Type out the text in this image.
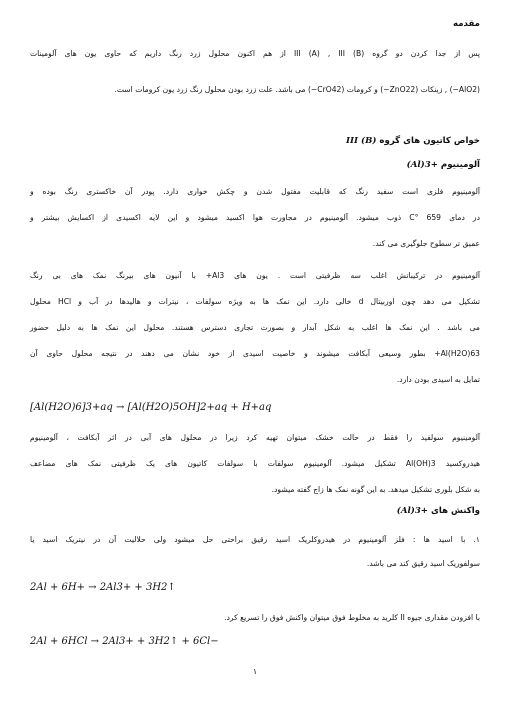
مقدمه
پس از جدا کردن دو گروه III (A) , III (B) از هم اکنون محلول زرد رنگ داریم که حاوی یون های آلومینات
(AlO2−) , زینکات (ZnO22−) و کرومات (CrO42−) می باشد. علت زرد بودن محلول رنگ زرد یون کرومات است.
خواص کاتیون های گروه III (B)
آلومینیوم (Al)3+
آلومینیوم فلزی است سفید رنگ که قابلیت مفتول شدن و چکش خواری دارد. پودر آن خاکستری رنگ بوده و
در دمای 659 °C ذوب میشود. آلومینیوم در مجاورت هوا اکسید میشود و این لایه اکسیدی از اکسایش بیشتر و
عمیق تر سطوح جلوگیری می کند.
آلومینیوم در ترکیباتش اغلب سه ظرفیتی است . یون های Al3+ با آنیون های بیرنگ نمک های بی رنگ
تشکیل می دهد چون اوربیتال d خالی دارد. این نمک ها به ویژه سولفات ، نیترات و هالیدها در آب و HCl محلول
می باشد . این نمک ها اغلب به شکل آبدار و بصورت تجاری دسترس هستند. محلول این نمک ها به دلیل حضور
Al(H2O)63+ بطور وسیعی آبکافت میشوند و خاصیت اسیدی از خود نشان می دهند در نتیجه محلول حاوی آن
تمایل به اسیدی بودن دارد.
[Al(H2O)6]3+aq → [Al(H2O)5OH]2+aq + H+aq
آلومینیوم سولفید را فقط در حالت خشک میتوان تهیه کرد زیرا در محلول های آبی در اثر آبکافت ، آلومینیوم
هیدروکسید Al(OH)3 تشکیل میشود. آلومینیوم سولفات با سولفات کاتیون های یک ظرفیتی نمک های مضاعف
به شکل بلوری تشکیل میدهد. به این گونه نمک ها زاج گفته میشود.
واکنش های (Al)3+
۱. با اسید ها : فلز آلومینیوم در هیدروکلریک اسید رقیق براحتی حل میشود ولی حلالیت آن در نیتریک اسید یا
سولفوریک اسید رقیق کند می باشد.
2Al + 6H+ → 2Al3+ + 3H2↑
با افزودن مقداری جیوه II کلرید به مخلوط فوق میتوان واکنش فوق را تسریع کرد.
2Al + 6HCl → 2Al3+ + 3H2↑ + 6Cl−
١
